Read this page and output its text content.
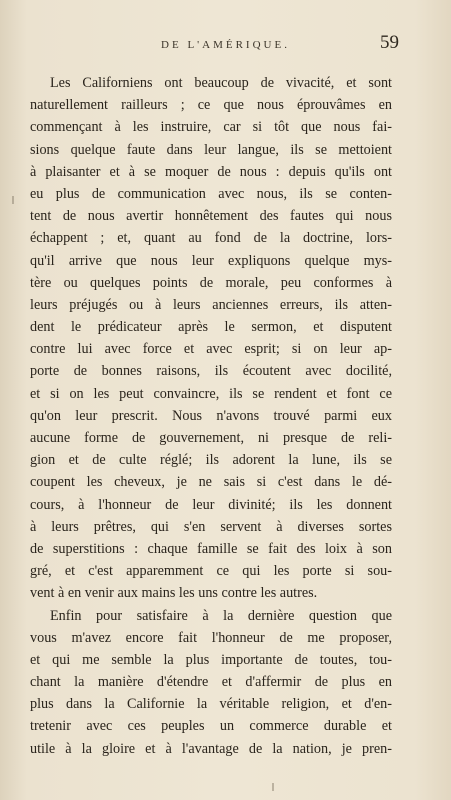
DE L'AMÉRIQUE.	59
Les Californiens ont beaucoup de vivacité, et sont
naturellement railleurs ; ce que nous éprouvâmes en
commençant à les instruire, car si tôt que nous fai-
sions quelque faute dans leur langue, ils se mettoient
à plaisanter et à se moquer de nous : depuis qu'ils ont
eu plus de communication avec nous, ils se conten-
tent de nous avertir honnêtement des fautes qui nous
échappent ; et, quant au fond de la doctrine, lors-
qu'il arrive que nous leur expliquons quelque mys-
tère ou quelques points de morale, peu conformes à
leurs préjugés ou à leurs anciennes erreurs, ils atten-
dent le prédicateur après le sermon, et disputent
contre lui avec force et avec esprit; si on leur ap-
porte de bonnes raisons, ils écoutent avec docilité,
et si on les peut convaincre, ils se rendent et font ce
qu'on leur prescrit. Nous n'avons trouvé parmi eux
aucune forme de gouvernement, ni presque de reli-
gion et de culte réglé; ils adorent la lune, ils se
coupent les cheveux, je ne sais si c'est dans le dé-
cours, à l'honneur de leur divinité; ils les donnent
à leurs prêtres, qui s'en servent à diverses sortes
de superstitions : chaque famille se fait des loix à son
gré, et c'est apparemment ce qui les porte si sou-
vent à en venir aux mains les uns contre les autres.
Enfin pour satisfaire à la dernière question que
vous m'avez encore fait l'honneur de me proposer,
et qui me semble la plus importante de toutes, tou-
chant la manière d'étendre et d'affermir de plus en
plus dans la Californie la véritable religion, et d'en-
tretenir avec ces peuples un commerce durable et
utile à la gloire et à l'avantage de la nation, je pren-
